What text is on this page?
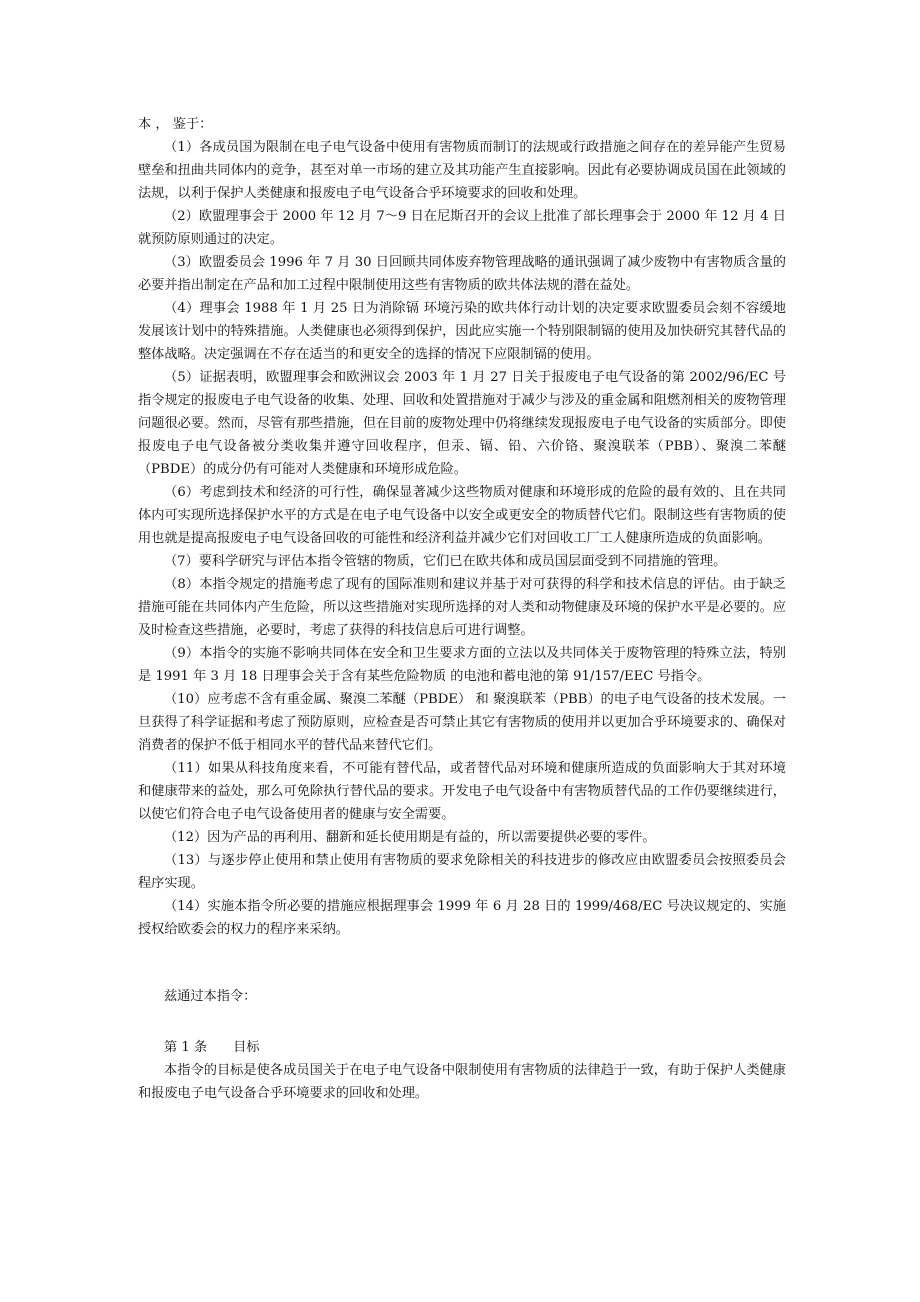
本 ， 鉴于：

（1）各成员国为限制在电子电气设备中使用有害物质而制订的法规或行政措施之间存在的差异能产生贸易壁垒和扭曲共同体内的竞争，甚至对单一市场的建立及其功能产生直接影响。因此有必要协调成员国在此领域的法规，以利于保护人类健康和报废电子电气设备合乎环境要求的回收和处理。

（2）欧盟理事会于 2000 年 12 月 7～9 日在尼斯召开的会议上批准了部长理事会于 2000 年 12 月 4 日就预防原则通过的决定。

（3）欧盟委员会 1996 年 7 月 30 日回顾共同体废弃物管理战略的通讯强调了减少废物中有害物质含量的必要并指出制定在产品和加工过程中限制使用这些有害物质的欧共体法规的潜在益处。

（4）理事会 1988 年 1 月 25 日为消除镉 环境污染的欧共体行动计划的决定要求欧盟委员会刻不容缓地发展该计划中的特殊措施。人类健康也必须得到保护，因此应实施一个特别限制镉的使用及加快研究其替代品的整体战略。决定强调在不存在适当的和更安全的选择的情况下应限制镉的使用。

（5）证据表明，欧盟理事会和欧洲议会 2003 年 1 月 27 日关于报废电子电气设备的第 2002/96/EC 号指令规定的报废电子电气设备的收集、处理、回收和处置措施对于减少与涉及的重金属和阻燃剂相关的废物管理问题很必要。然而，尽管有那些措施，但在目前的废物处理中仍将继续发现报废电子电气设备的实质部分。即使报废电子电气设备被分类收集并遵守回收程序，但汞、镉、铅、六价铬、聚溴联苯（PBB）、聚溴二苯醚（PBDE）的成分仍有可能对人类健康和环境形成危险。

（6）考虑到技术和经济的可行性，确保显著减少这些物质对健康和环境形成的危险的最有效的、且在共同体内可实现所选择保护水平的方式是在电子电气设备中以安全或更安全的物质替代它们。限制这些有害物质的使用也就是提高报废电子电气设备回收的可能性和经济利益并减少它们对回收工厂工人健康所造成的负面影响。

（7）要科学研究与评估本指令管辖的物质，它们已在欧共体和成员国层面受到不同措施的管理。

（8）本指令规定的措施考虑了现有的国际准则和建议并基于对可获得的科学和技术信息的评估。由于缺乏措施可能在共同体内产生危险，所以这些措施对实现所选择的对人类和动物健康及环境的保护水平是必要的。应及时检查这些措施，必要时，考虑了获得的科技信息后可进行调整。

（9）本指令的实施不影响共同体在安全和卫生要求方面的立法以及共同体关于废物管理的特殊立法，特别是 1991 年 3 月 18 日理事会关于含有某些危险物质 的电池和蓄电池的第 91/157/EEC 号指令。

（10）应考虑不含有重金属、聚溴二苯醚（PBDE） 和 聚溴联苯（PBB）的电子电气设备的技术发展。一旦获得了科学证据和考虑了预防原则，应检查是否可禁止其它有害物质的使用并以更加合乎环境要求的、确保对消费者的保护不低于相同水平的替代品来替代它们。

（11）如果从科技角度来看，不可能有替代品，或者替代品对环境和健康所造成的负面影响大于其对环境和健康带来的益处，那么可免除执行替代品的要求。开发电子电气设备中有害物质替代品的工作仍要继续进行，以使它们符合电子电气设备使用者的健康与安全需要。

（12）因为产品的再利用、翻新和延长使用期是有益的，所以需要提供必要的零件。

（13）与逐步停止使用和禁止使用有害物质的要求免除相关的科技进步的修改应由欧盟委员会按照委员会程序实现。

（14）实施本指令所必要的措施应根据理事会 1999 年 6 月 28 日的 1999/468/EC 号决议规定的、实施授权给欧委会的权力的程序来采纳。

兹通过本指令：

第 1 条 目标

本指令的目标是使各成员国关于在电子电气设备中限制使用有害物质的法律趋于一致，有助于保护人类健康和报废电子电气设备合乎环境要求的回收和处理。
